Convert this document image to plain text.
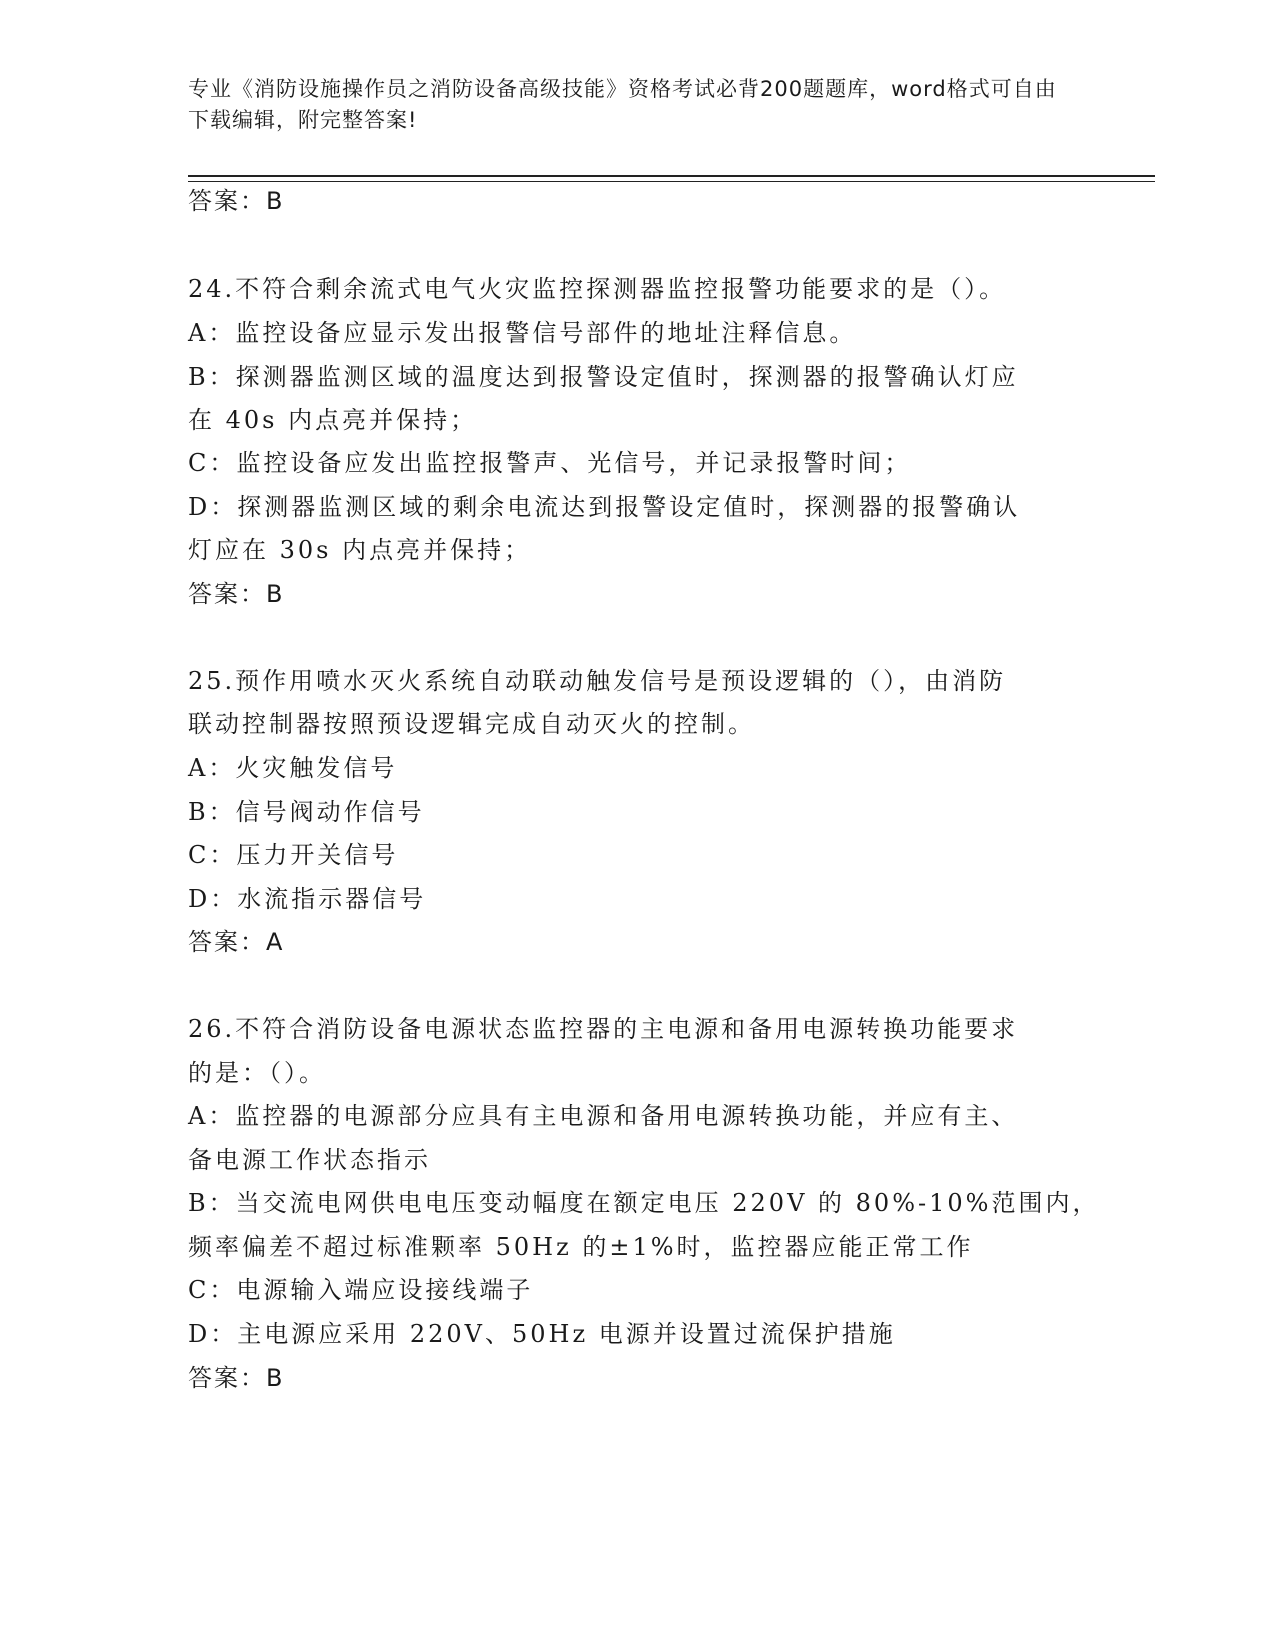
专业《消防设施操作员之消防设备高级技能》资格考试必背200题题库，word格式可自由下载编辑，附完整答案!
答案：B
24.不符合剩余流式电气火灾监控探测器监控报警功能要求的是（）。
A：监控设备应显示发出报警信号部件的地址注释信息。
B：探测器监测区域的温度达到报警设定值时，探测器的报警确认灯应
在 40s 内点亮并保持；
C：监控设备应发出监控报警声、光信号，并记录报警时间；
D：探测器监测区域的剩余电流达到报警设定值时，探测器的报警确认
灯应在 30s 内点亮并保持；
答案：B
25.预作用喷水灭火系统自动联动触发信号是预设逻辑的（），由消防
联动控制器按照预设逻辑完成自动灭火的控制。
A：火灾触发信号
B：信号阀动作信号
C：压力开关信号
D：水流指示器信号
答案：A
26.不符合消防设备电源状态监控器的主电源和备用电源转换功能要求
的是：（）。
A：监控器的电源部分应具有主电源和备用电源转换功能，并应有主、
备电源工作状态指示
B：当交流电网供电电压变动幅度在额定电压 220V 的 80%-10%范围内，
频率偏差不超过标准颗率 50Hz 的±1%时，监控器应能正常工作
C：电源输入端应设接线端子
D：主电源应采用 220V、50Hz 电源并设置过流保护措施
答案：B
